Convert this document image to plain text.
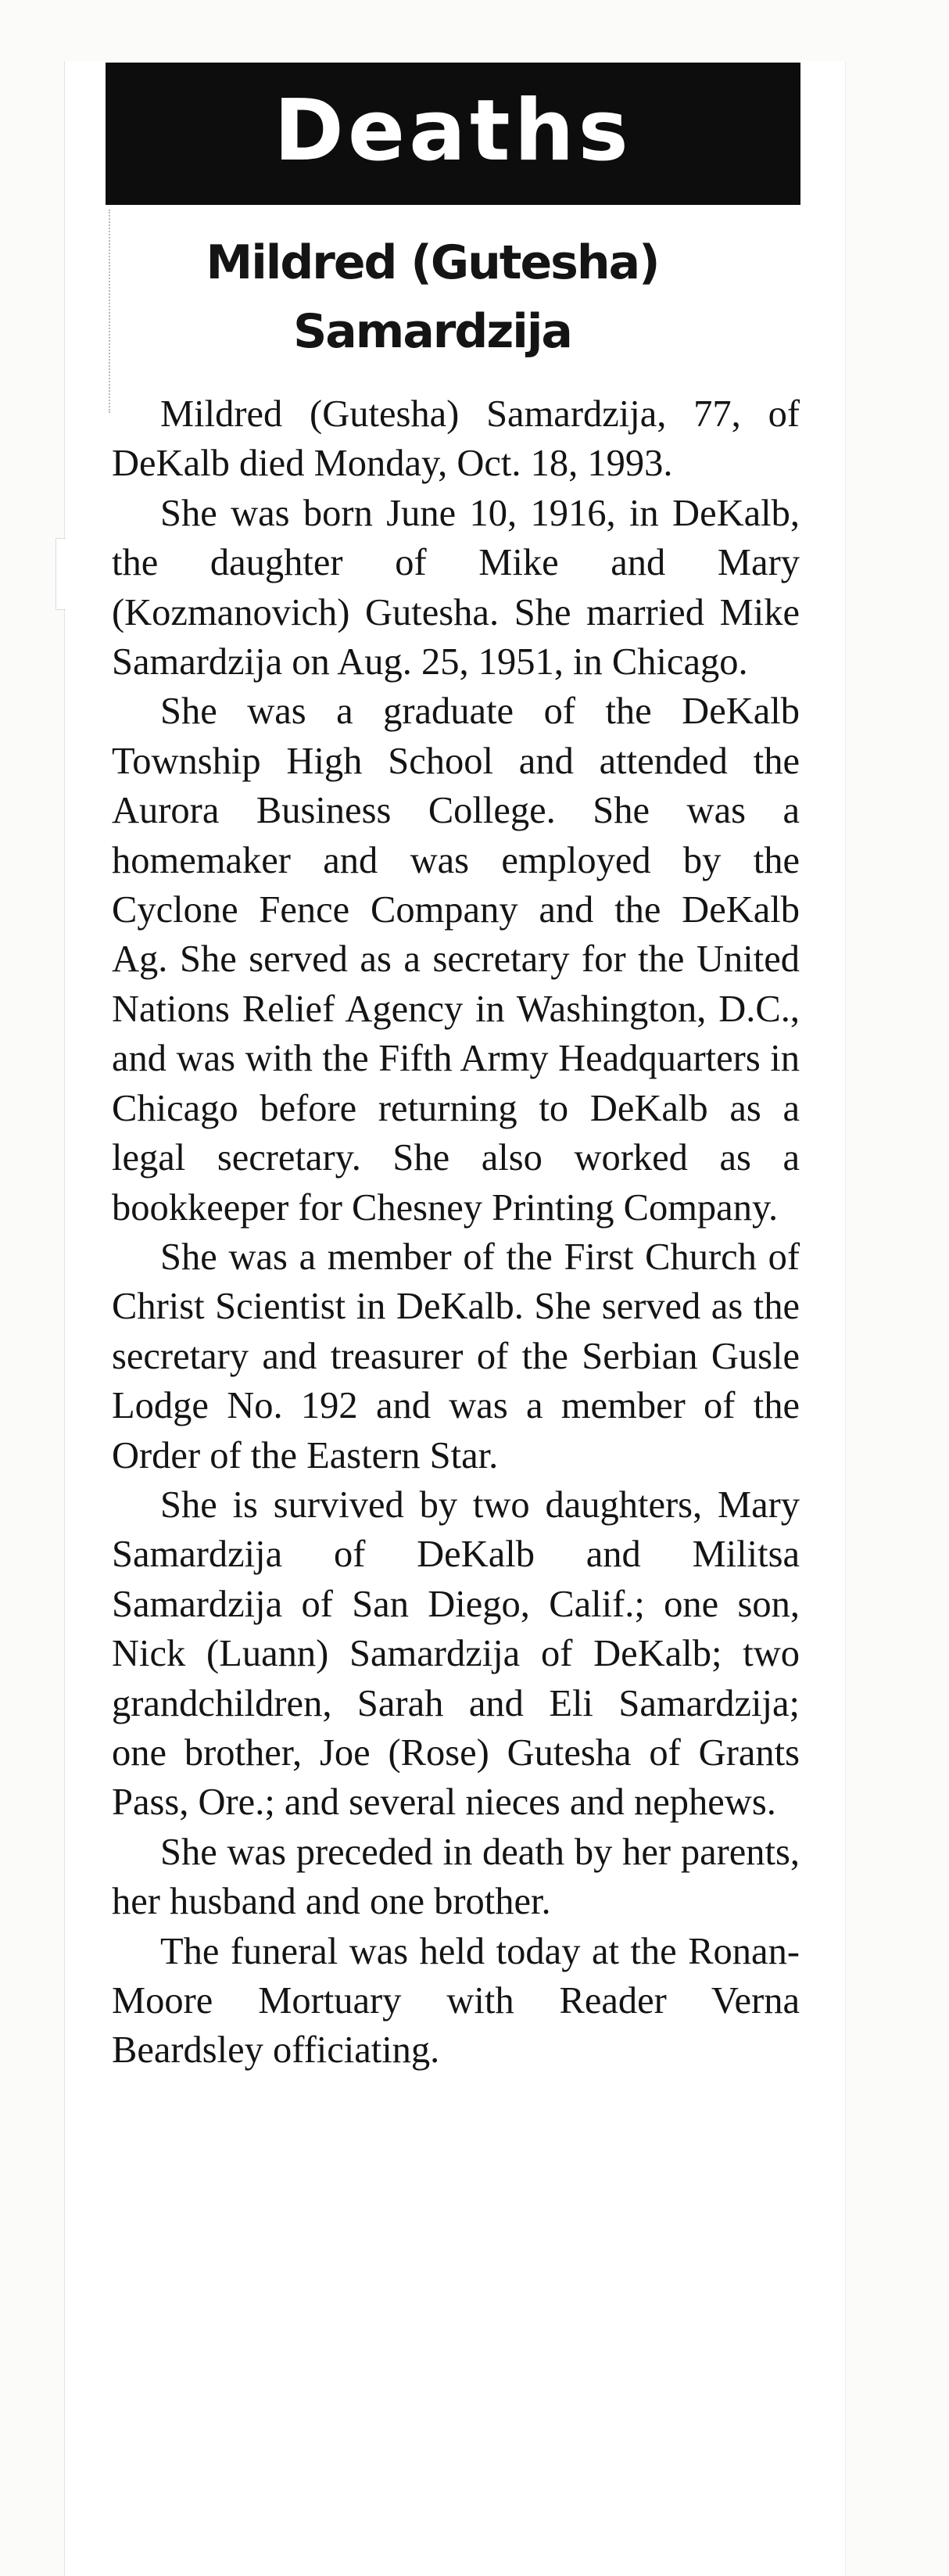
Deaths
Mildred (Gutesha)
Samardzija

Mildred (Gutesha) Samardzija, 77, of DeKalb died Monday, Oct. 18, 1993.

She was born June 10, 1916, in DeKalb, the daughter of Mike and Mary (Kozmanovich) Gutesha. She married Mike Samardzija on Aug. 25, 1951, in Chicago.

She was a graduate of the DeKalb Township High School and attended the Aurora Business College. She was a homemaker and was employed by the Cyclone Fence Company and the DeKalb Ag. She served as a secretary for the United Nations Relief Agency in Washington, D.C., and was with the Fifth Army Headquarters in Chicago before returning to DeKalb as a legal secretary. She also worked as a bookkeeper for Chesney Printing Company.

She was a member of the First Church of Christ Scientist in DeKalb. She served as the secretary and treasurer of the Serbian Gusle Lodge No. 192 and was a member of the Order of the Eastern Star.

She is survived by two daughters, Mary Samardzija of DeKalb and Militsa Samardzija of San Diego, Calif.; one son, Nick (Luann) Samardzija of DeKalb; two grandchildren, Sarah and Eli Samardzija; one brother, Joe (Rose) Gutesha of Grants Pass, Ore.; and several nieces and nephews.

She was preceded in death by her parents, her husband and one brother.

The funeral was held today at the Ronan-Moore Mortuary with Reader Verna Beardsley officiating.
